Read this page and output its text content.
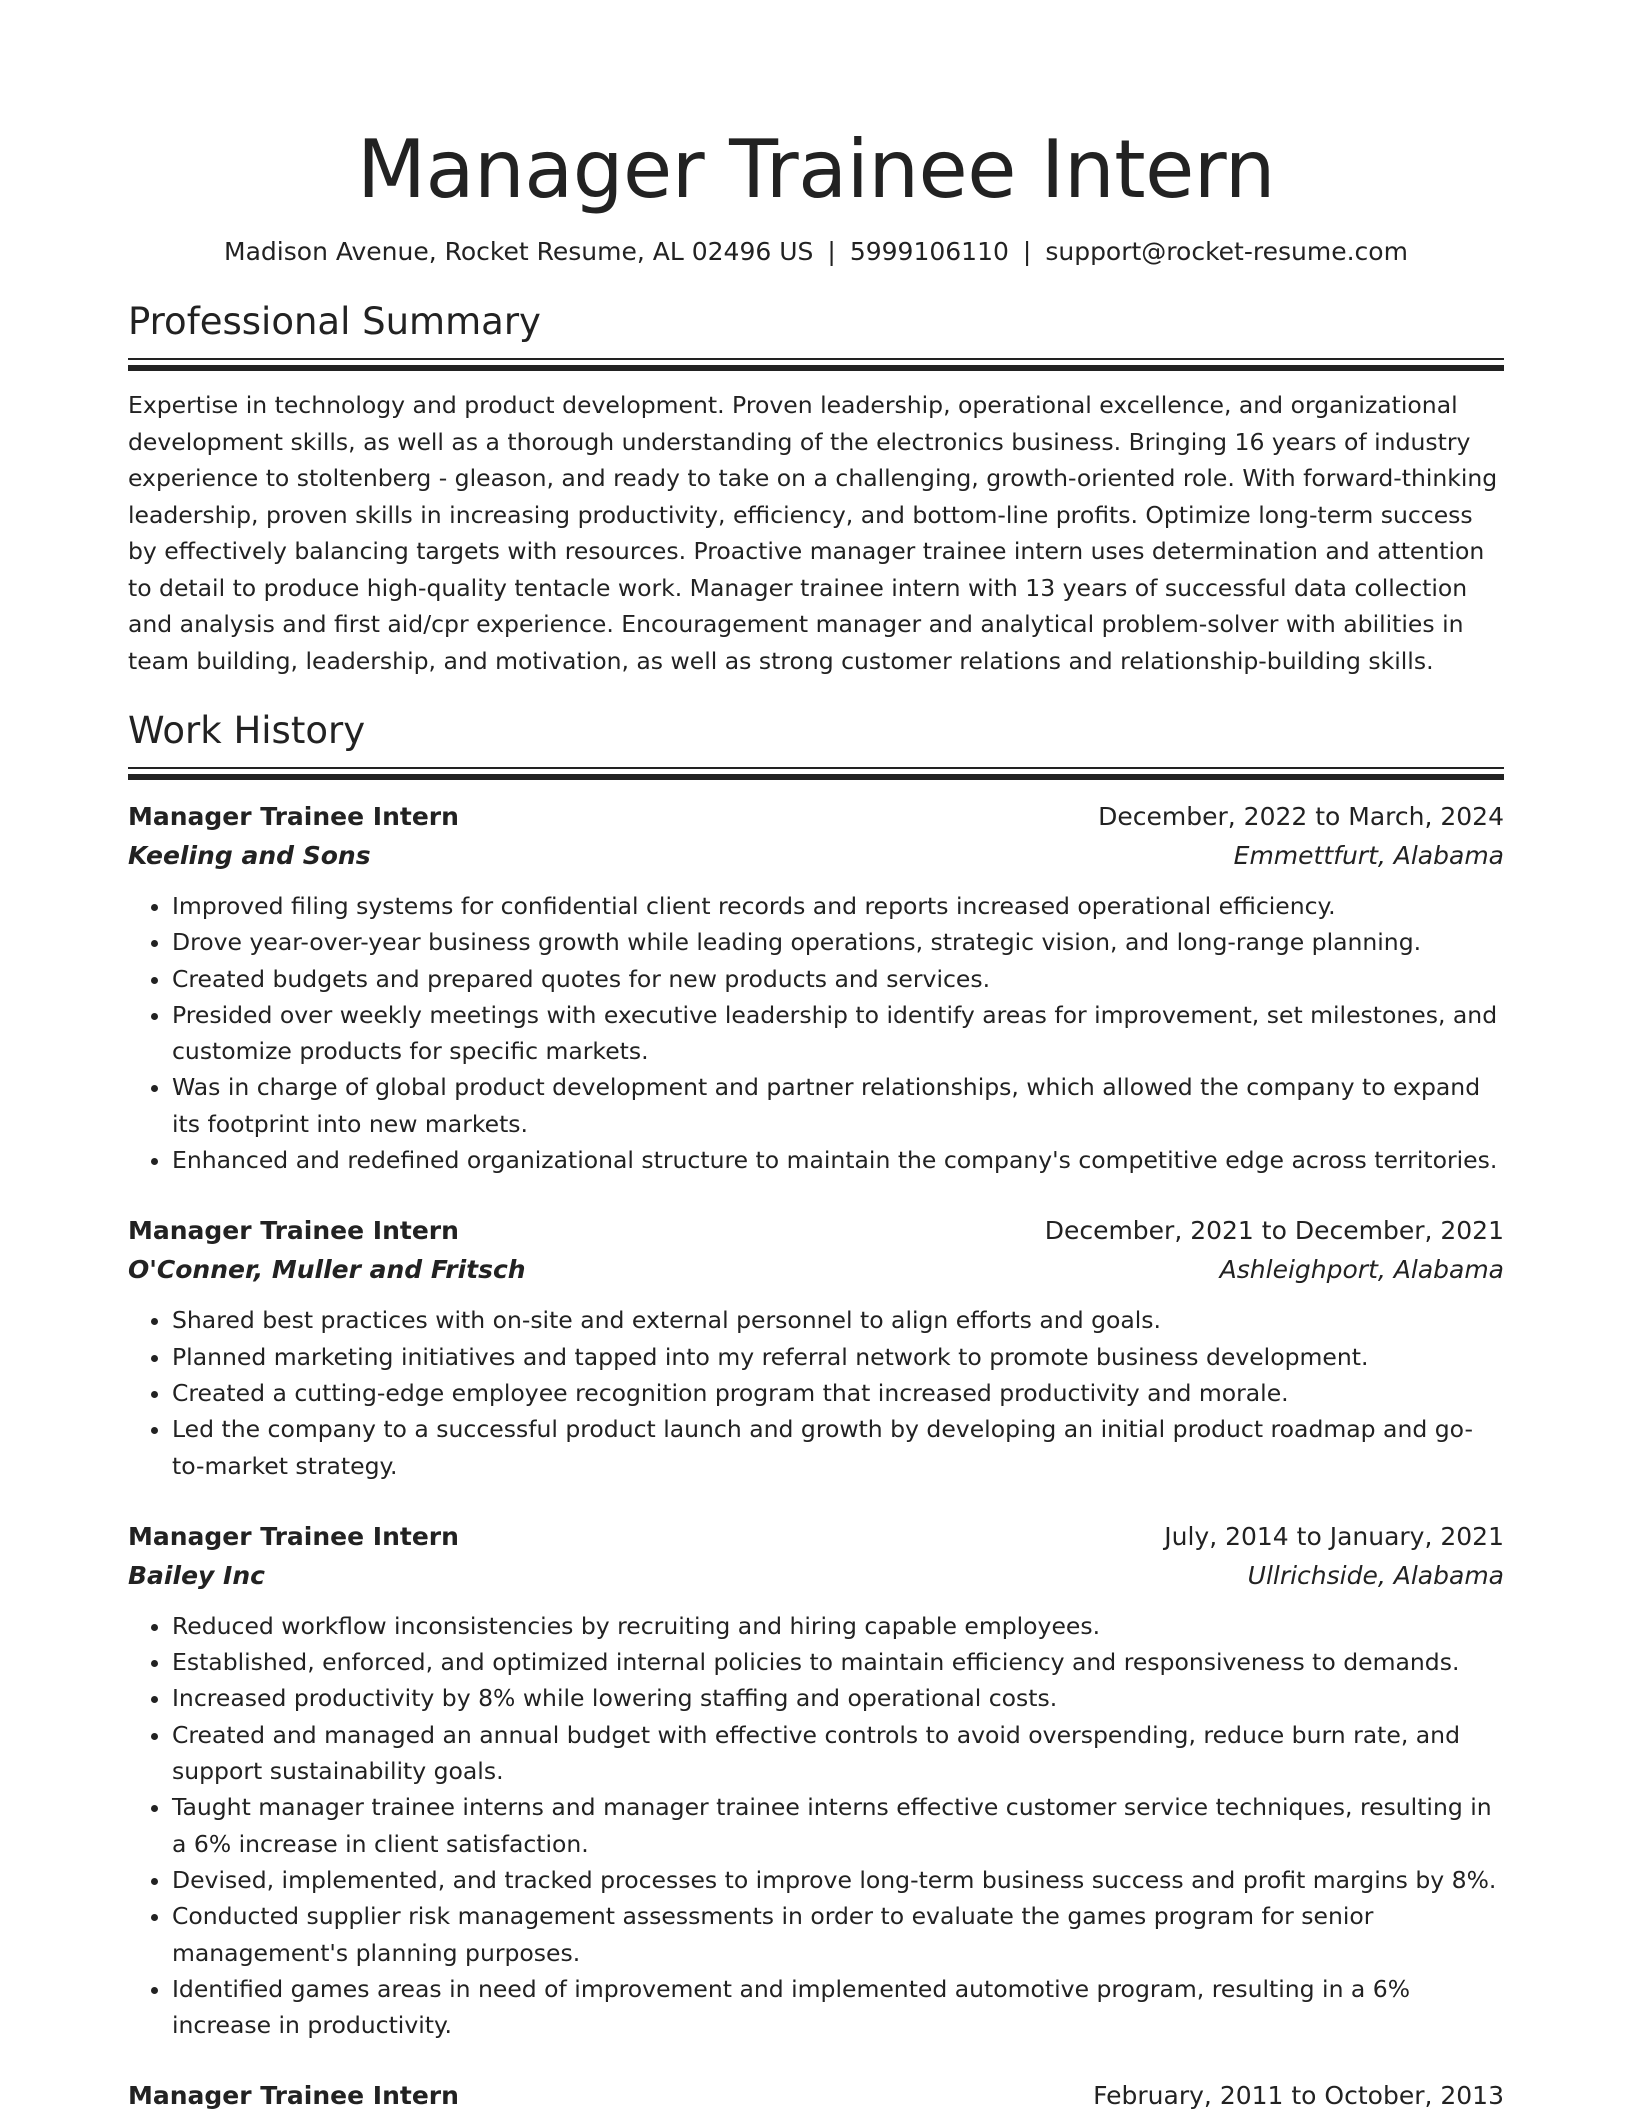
Manager Trainee Intern
Madison Avenue, Rocket Resume, AL 02496 US | 5999106110 | support@rocket-resume.com
Professional Summary

Expertise in technology and product development. Proven leadership, operational excellence, and organizational development skills, as well as a thorough understanding of the electronics business. Bringing 16 years of industry experience to stoltenberg - gleason, and ready to take on a challenging, growth-oriented role. With forward-thinking leadership, proven skills in increasing productivity, efficiency, and bottom-line profits. Optimize long-term success by effectively balancing targets with resources. Proactive manager trainee intern uses determination and attention to detail to produce high-quality tentacle work. Manager trainee intern with 13 years of successful data collection and analysis and first aid/cpr experience. Encouragement manager and analytical problem-solver with abilities in team building, leadership, and motivation, as well as strong customer relations and relationship-building skills.

Work History
Manager Trainee Intern	December, 2022 to March, 2024
Keeling and Sons	Emmettfurt, Alabama
• Improved filing systems for confidential client records and reports increased operational efficiency.
• Drove year-over-year business growth while leading operations, strategic vision, and long-range planning.
• Created budgets and prepared quotes for new products and services.
• Presided over weekly meetings with executive leadership to identify areas for improvement, set milestones, and customize products for specific markets.
• Was in charge of global product development and partner relationships, which allowed the company to expand its footprint into new markets.
• Enhanced and redefined organizational structure to maintain the company's competitive edge across territories.
Manager Trainee Intern	December, 2021 to December, 2021
O'Conner, Muller and Fritsch	Ashleighport, Alabama
• Shared best practices with on-site and external personnel to align efforts and goals.
• Planned marketing initiatives and tapped into my referral network to promote business development.
• Created a cutting-edge employee recognition program that increased productivity and morale.
• Led the company to a successful product launch and growth by developing an initial product roadmap and go-to-market strategy.
Manager Trainee Intern	July, 2014 to January, 2021
Bailey Inc	Ullrichside, Alabama
• Reduced workflow inconsistencies by recruiting and hiring capable employees.
• Established, enforced, and optimized internal policies to maintain efficiency and responsiveness to demands.
• Increased productivity by 8% while lowering staffing and operational costs.
• Created and managed an annual budget with effective controls to avoid overspending, reduce burn rate, and support sustainability goals.
• Taught manager trainee interns and manager trainee interns effective customer service techniques, resulting in a 6% increase in client satisfaction.
• Devised, implemented, and tracked processes to improve long-term business success and profit margins by 8%.
• Conducted supplier risk management assessments in order to evaluate the games program for senior management's planning purposes.
• Identified games areas in need of improvement and implemented automotive program, resulting in a 6% increase in productivity.
Manager Trainee Intern	February, 2011 to October, 2013
